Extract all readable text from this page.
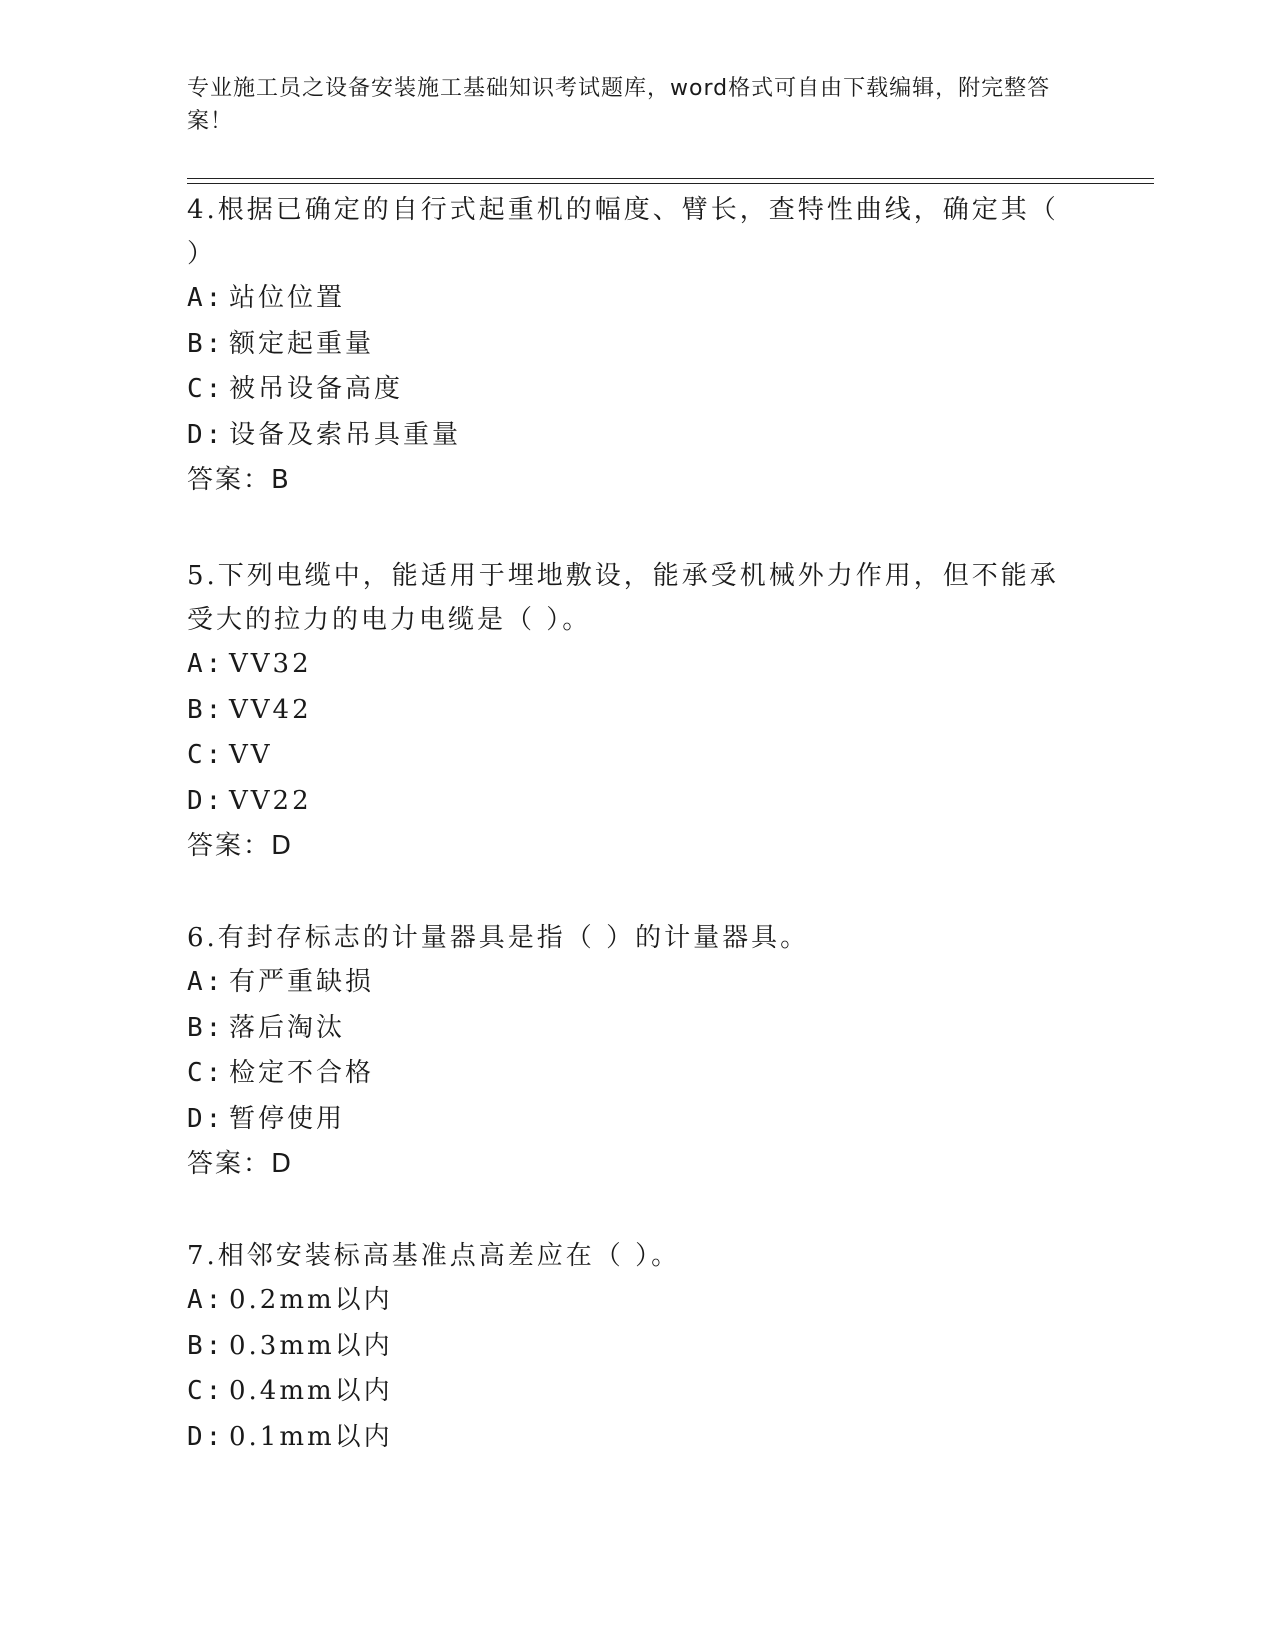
专业施工员之设备安装施工基础知识考试题库，word格式可自由下载编辑，附完整答案！
4.根据已确定的自行式起重机的幅度、臂长，查特性曲线，确定其（ ）
A: 站位位置
B: 额定起重量
C: 被吊设备高度
D: 设备及索吊具重量
答案：B
5.下列电缆中，能适用于埋地敷设，能承受机械外力作用，但不能承受大的拉力的电力电缆是（ ）。
A: VV32
B: VV42
C: VV
D: VV22
答案：D
6.有封存标志的计量器具是指（ ）的计量器具。
A: 有严重缺损
B: 落后淘汰
C: 检定不合格
D: 暂停使用
答案：D
7.相邻安装标高基准点高差应在（ ）。
A: 0.2mm以内
B: 0.3mm以内
C: 0.4mm以内
D: 0.1mm以内
